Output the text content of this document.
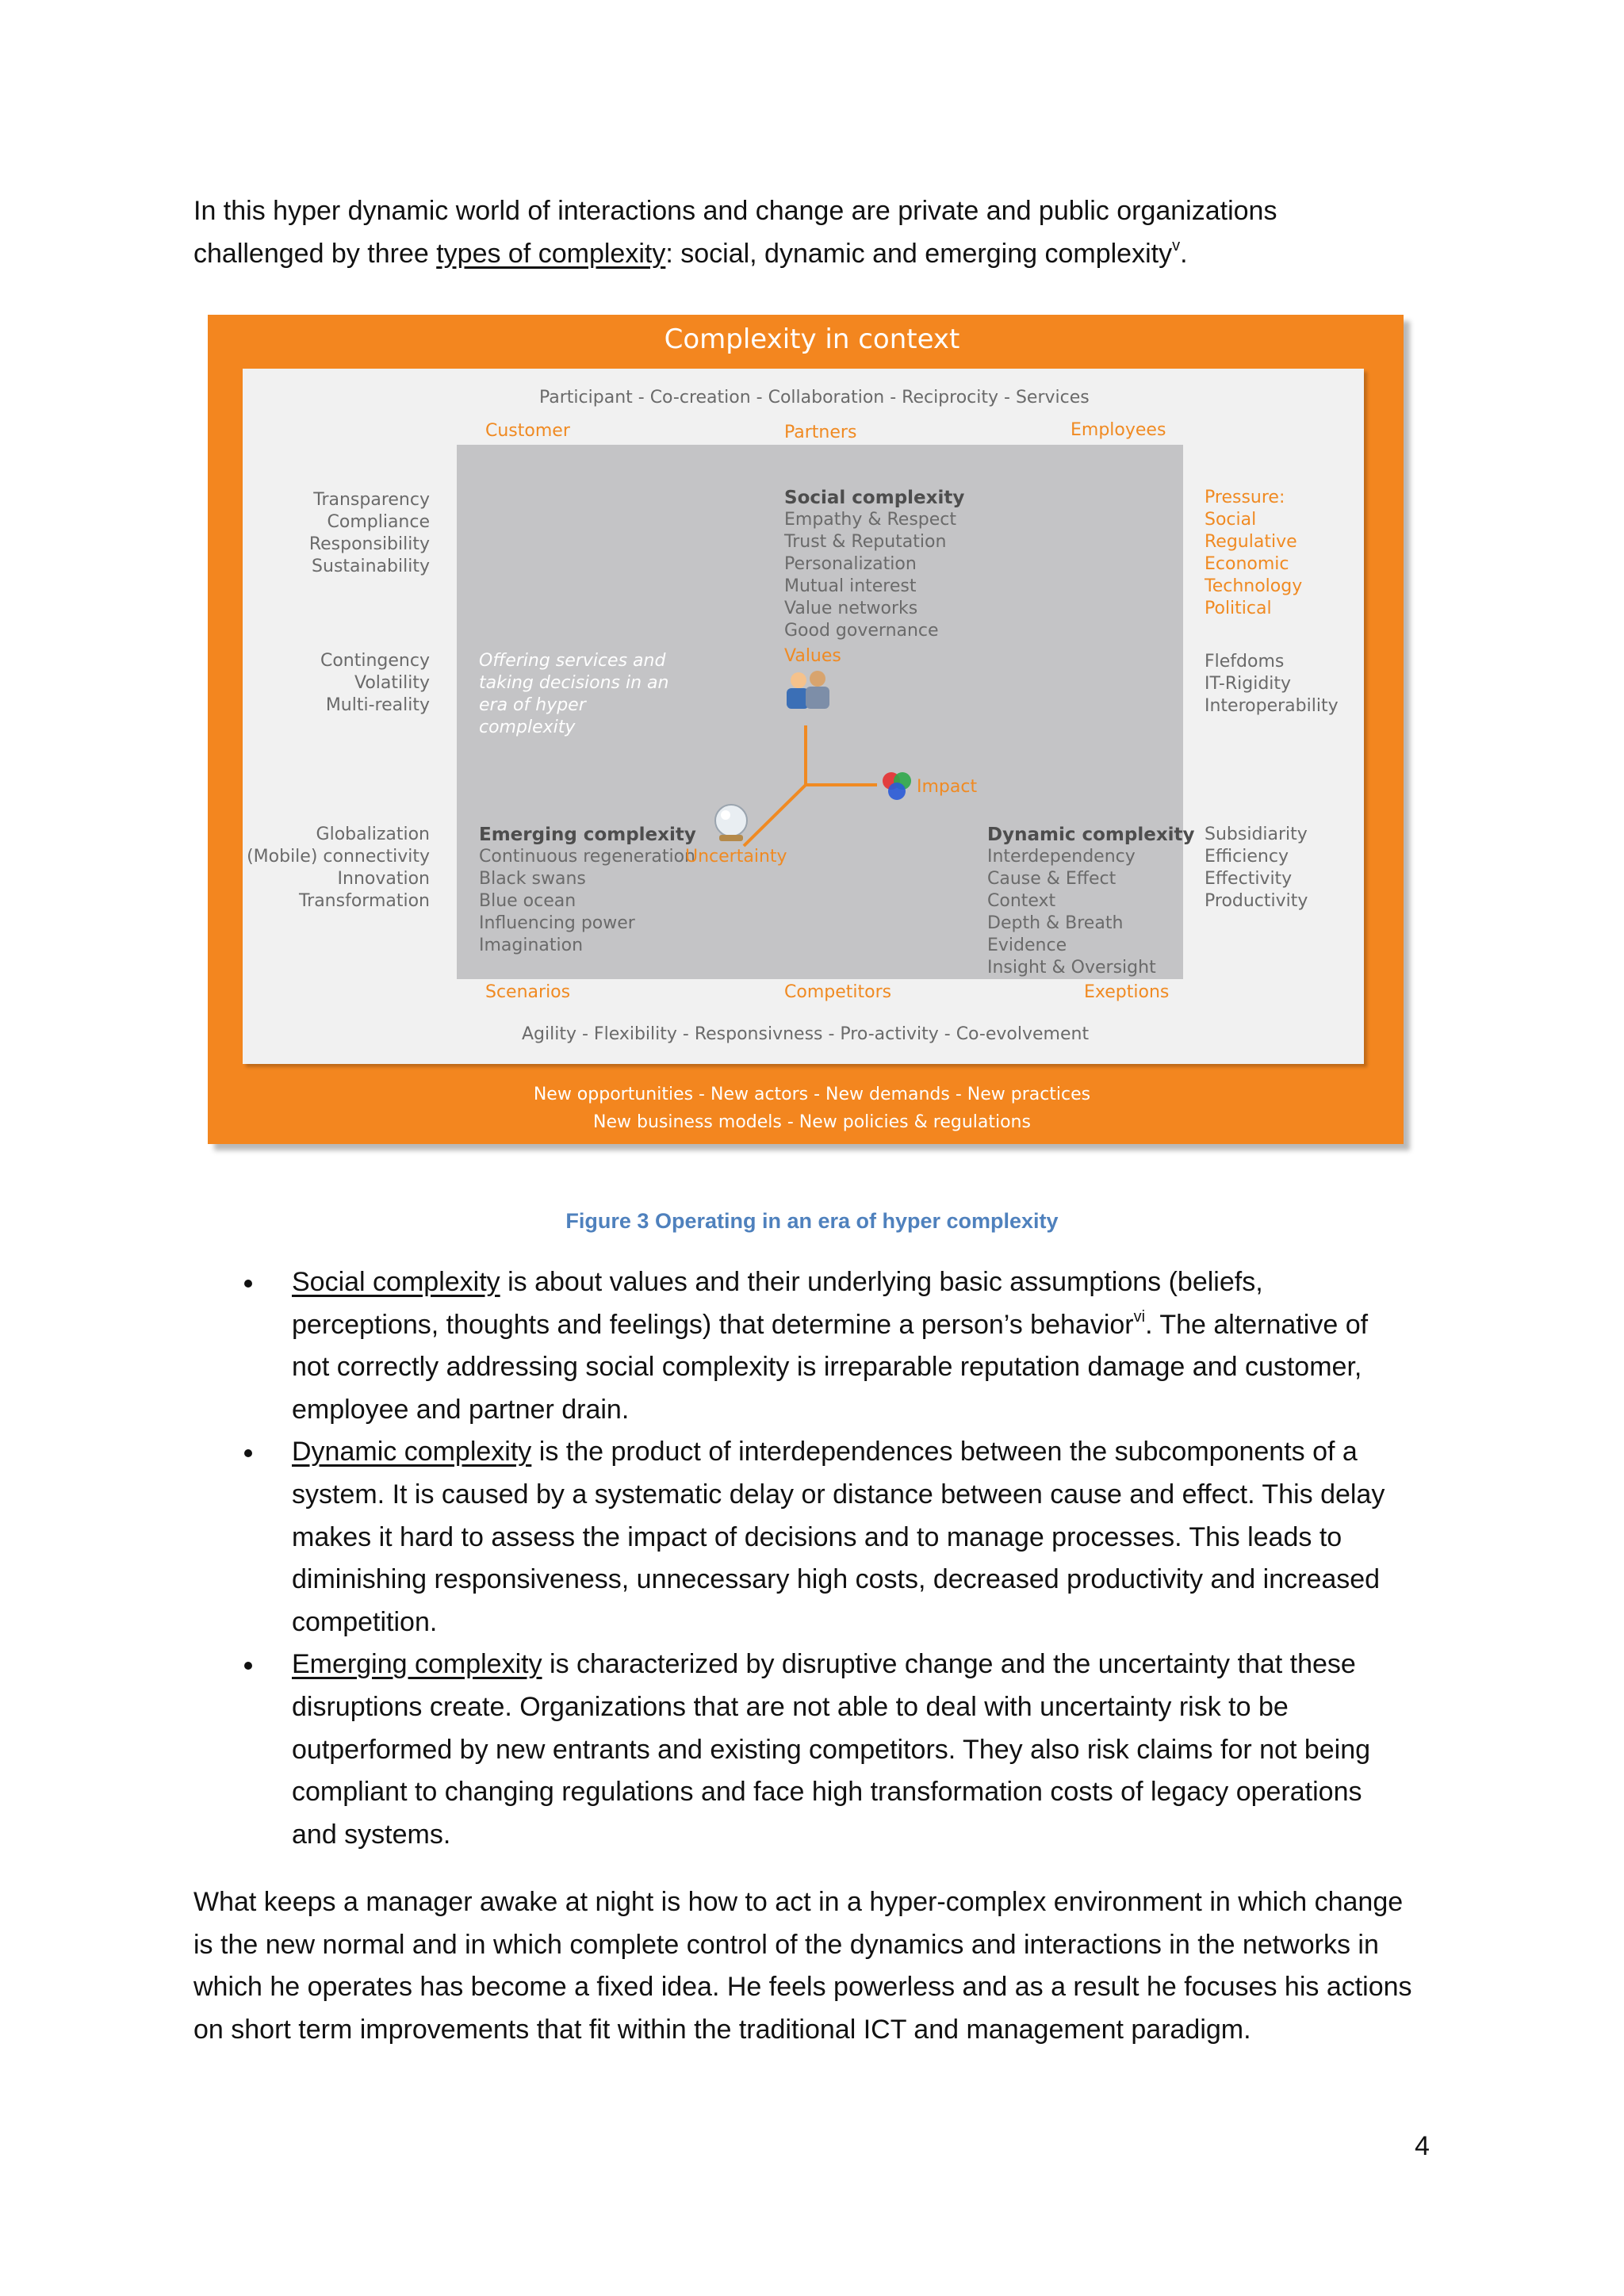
In this hyper dynamic world of interactions and change are private and public organizations
challenged by three types of complexity: social, dynamic and emerging complexity$^v$.

Complexity in context
Participant - Co-creation - Collaboration - Reciprocity - Services
Customer	Partners	Employees
Transparency
Compliance
Responsibility
Sustainability
Contingency
Volatility
Multi-reality
Globalization
(Mobile) connectivity
Innovation
Transformation
Pressure:
Social
Regulative
Economic
Technology
Political
Flefdoms
IT-Rigidity
Interoperability
Subsidiarity
Efficiency
Effectivity
Productivity
Offering services and
taking decisions in an
era of hyper
complexity
Social complexity
Empathy & Respect
Trust & Reputation
Personalization
Mutual interest
Value networks
Good governance
Emerging complexity
Continuous regeneration
Black swans
Blue ocean
Influencing power
Imagination
Dynamic complexity
Interdependency
Cause & Effect
Context
Depth & Breath
Evidence
Insight & Oversight
Values
Impact
Uncertainty
Scenarios	Competitors	Exeptions
Agility - Flexibility - Responsivness - Pro-activity - Co-evolvement
New opportunities - New actors - New demands - New practices
New business models - New policies & regulations
Figure 3 Operating in an era of hyper complexity
Social complexity is about values and their underlying basic assumptions (beliefs,
perceptions, thoughts and feelings) that determine a person’s behavior$^{vi}$. The alternative of
not correctly addressing social complexity is irreparable reputation damage and customer,
employee and partner drain.
Dynamic complexity is the product of interdependences between the subcomponents of a
system. It is caused by a systematic delay or distance between cause and effect. This delay
makes it hard to assess the impact of decisions and to manage processes. This leads to
diminishing responsiveness, unnecessary high costs, decreased productivity and increased
competition.
Emerging complexity is characterized by disruptive change and the uncertainty that these
disruptions create. Organizations that are not able to deal with uncertainty risk to be
outperformed by new entrants and existing competitors. They also risk claims for not being
compliant to changing regulations and face high transformation costs of legacy operations
and systems.

What keeps a manager awake at night is how to act in a hyper-complex environment in which change
is the new normal and in which complete control of the dynamics and interactions in the networks in
which he operates has become a fixed idea. He feels powerless and as a result he focuses his actions
on short term improvements that fit within the traditional ICT and management paradigm.

4
